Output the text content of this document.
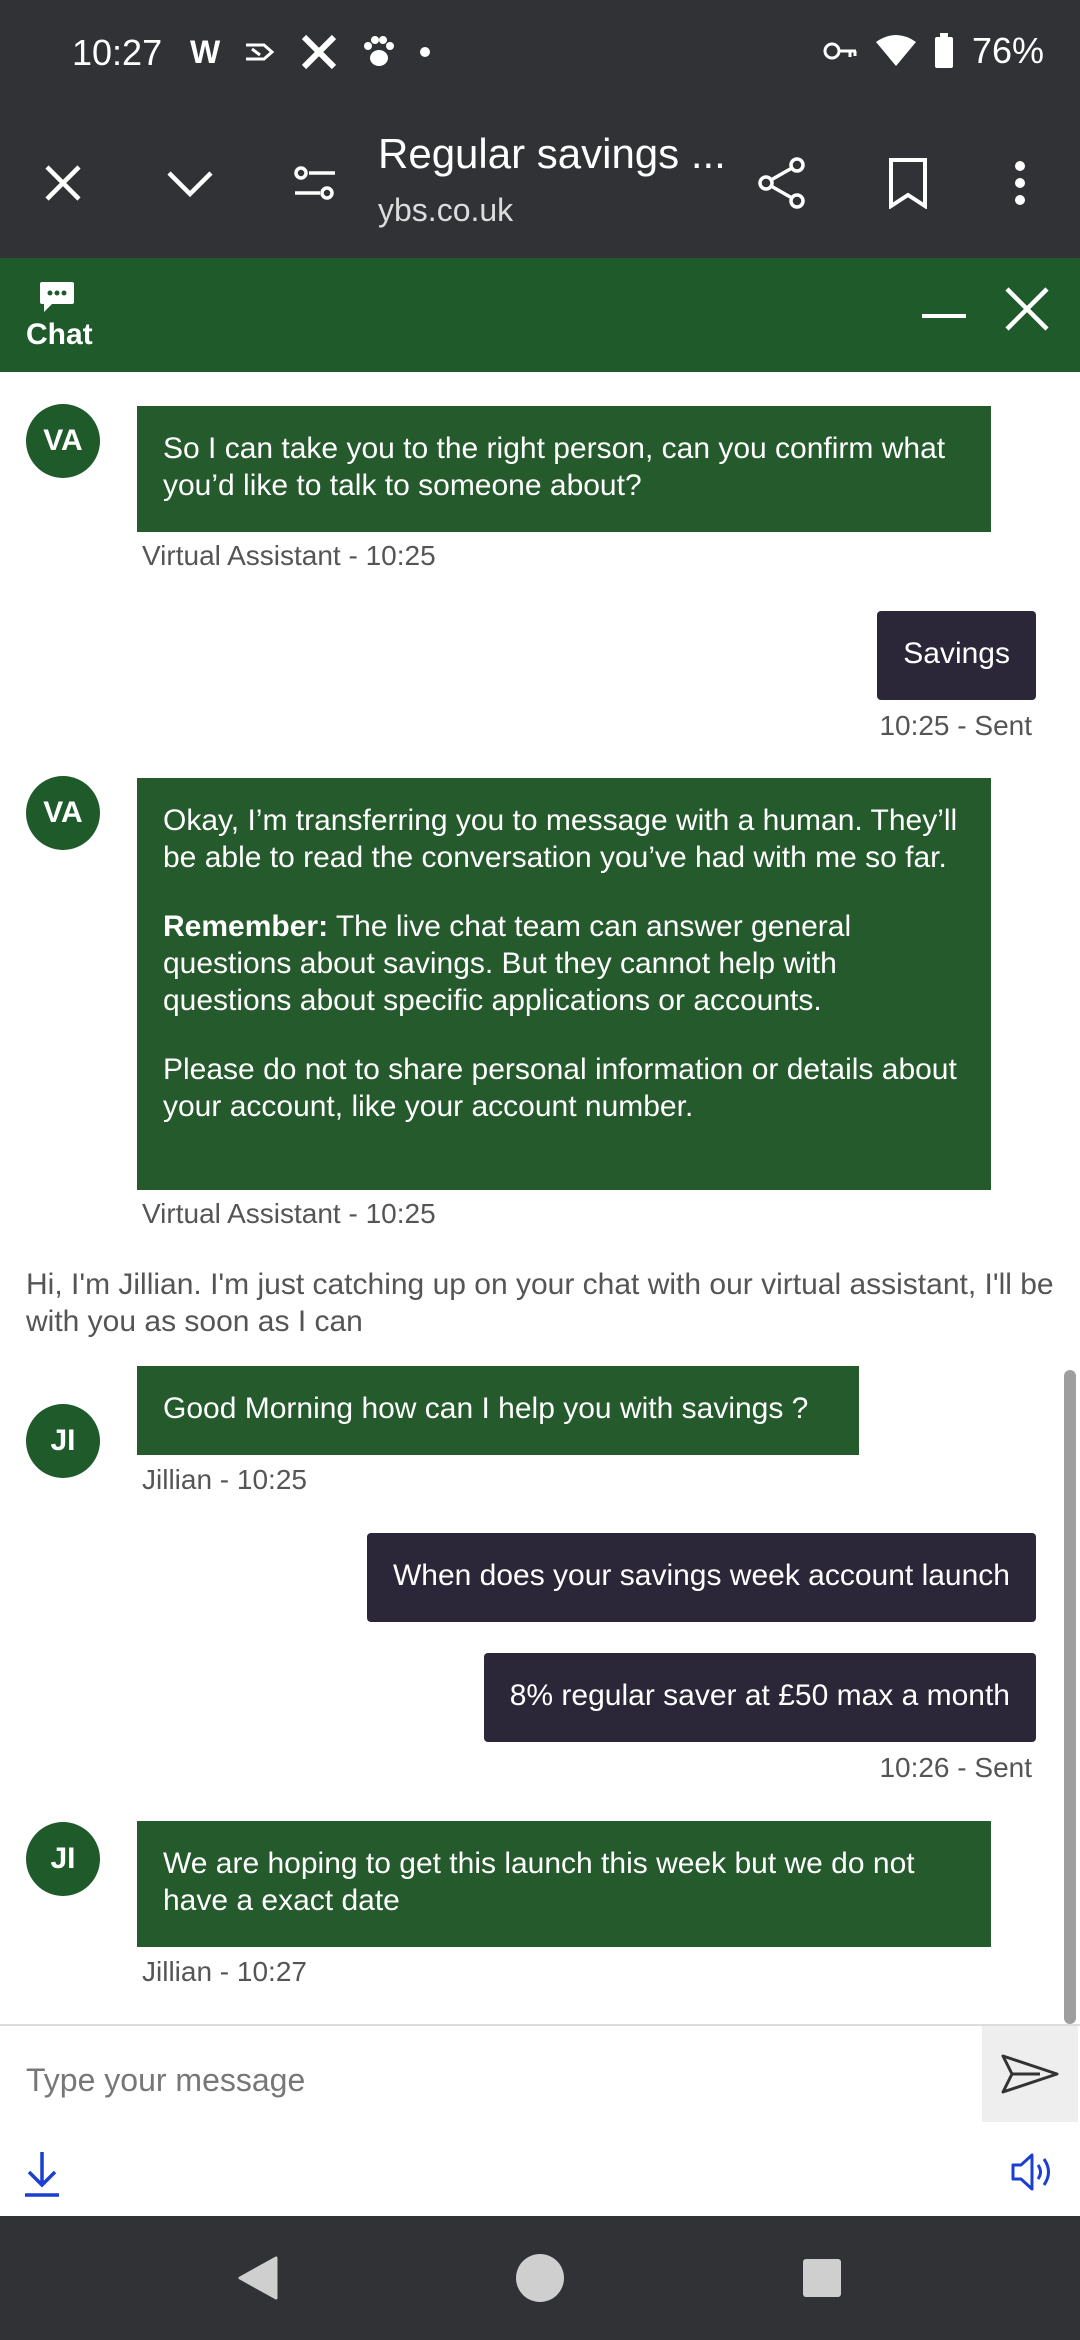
10:27 W	76%
Regular savings ...
ybs.co.uk
Chat
VA	So I can take you to the right person, can you confirm what you’d like to talk to someone about?
Virtual Assistant - 10:25
Savings
10:25 - Sent
VA	Okay, I’m transferring you to message with a human. They’ll be able to read the conversation you’ve had with me so far.

Remember: The live chat team can answer general questions about savings. But they cannot help with questions about specific applications or accounts.

Please do not to share personal information or details about your account, like your account number.

Virtual Assistant - 10:25
Hi, I'm Jillian. I'm just catching up on your chat with our virtual assistant, I'll be with you as soon as I can
JI
Good Morning how can I help you with savings ?
Jillian - 10:25
When does your savings week account launch
8% regular saver at £50 max a month
10:26 - Sent
JI	We are hoping to get this launch this week but we do not have a exact date
Jillian - 10:27
Type your message
